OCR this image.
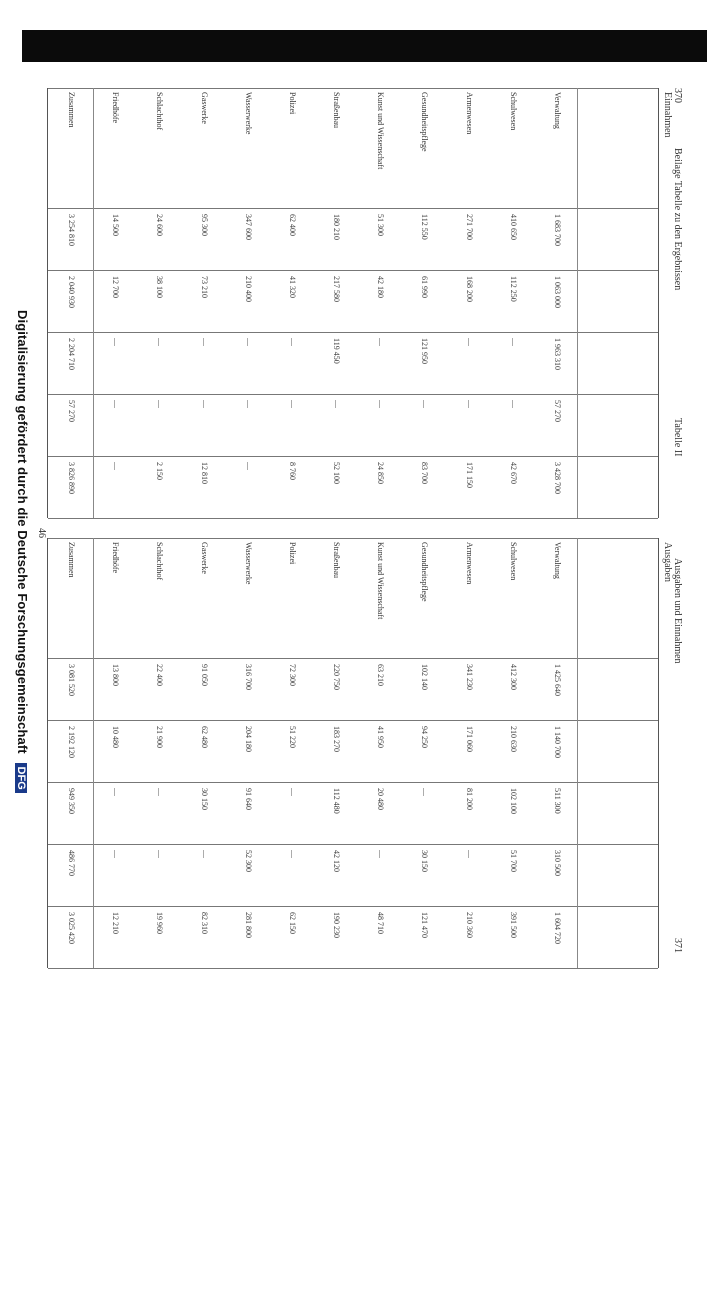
Digitalisierung gefördert durch die Deutsche Forschungsgemeinschaft DFG
370
Beilage Tabelle zu den Ergebnissen
Tabelle II
Ausgaben und Einnahmen
371
Einnahmen
Verwaltung
1 683 700
1 063 000
1 963 310
57 270
3 428 700
Schulwesen
410 650
112 250
—
—
42 670
Armenwesen
271 700
168 200
—
—
171 150
Gesundheitspflege
112 550
61 990
121 950
—
83 700
Kunst und Wissenschaft
51 300
42 180
—
—
24 850
Straßenbau
180 210
217 580
119 450
—
52 100
Polizei
62 400
41 320
—
—
8 760
Wasserwerke
347 600
210 400
—
—
—
Gaswerke
95 300
73 210
—
—
12 810
Schlachthof
24 600
38 100
—
—
2 150
Friedhöfe
14 500
12 700
—
—
—
Zusammen
3 254 810
2 040 930
2 204 710
57 270
3 826 890
Ausgaben
Verwaltung
1 425 640
1 140 700
511 300
310 500
1 604 720
Schulwesen
412 300
210 630
102 100
51 700
391 500
Armenwesen
341 230
171 060
81 200
—
210 360
Gesundheitspflege
102 140
94 250
—
30 150
121 470
Kunst und Wissenschaft
63 210
41 950
20 480
—
48 710
Straßenbau
220 750
183 270
112 480
42 120
190 230
Polizei
72 300
51 220
—
—
62 150
Wasserwerke
316 700
204 180
91 640
52 300
281 800
Gaswerke
91 050
62 480
30 150
—
82 310
Schlachthof
22 400
21 900
—
—
19 960
Friedhöfe
13 800
10 480
—
—
12 210
Zusammen
3 081 520
2 192 120
949 350
486 770
3 025 420
46
